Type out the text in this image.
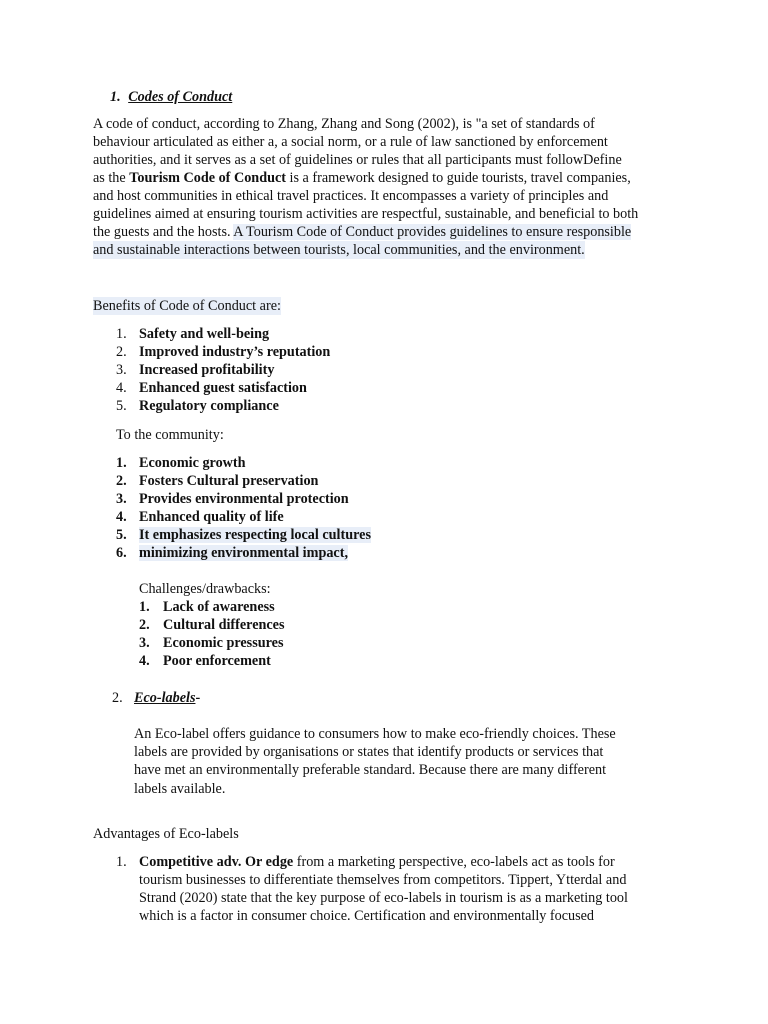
1. Codes of Conduct
A code of conduct, according to Zhang, Zhang and Song (2002), is "a set of standards of
behaviour articulated as either a, a social norm, or a rule of law sanctioned by enforcement
authorities, and it serves as a set of guidelines or rules that all participants must followDefine
as the Tourism Code of Conduct is a framework designed to guide tourists, travel companies,
and host communities in ethical travel practices. It encompasses a variety of principles and
guidelines aimed at ensuring tourism activities are respectful, sustainable, and beneficial to both
the guests and the hosts. A Tourism Code of Conduct provides guidelines to ensure responsible
and sustainable interactions between tourists, local communities, and the environment.
Benefits of Code of Conduct are:
1. Safety and well-being
2. Improved industry’s reputation
3. Increased profitability
4. Enhanced guest satisfaction
5. Regulatory compliance
To the community:
1. Economic growth
2. Fosters Cultural preservation
3. Provides environmental protection
4. Enhanced quality of life
5. It emphasizes respecting local cultures
6. minimizing environmental impact,
Challenges/drawbacks:
1. Lack of awareness
2. Cultural differences
3. Economic pressures
4. Poor enforcement
2. Eco-labels-
An Eco-label offers guidance to consumers how to make eco-friendly choices. These
labels are provided by organisations or states that identify products or services that
have met an environmentally preferable standard. Because there are many different
labels available.
Advantages of Eco-labels
1. Competitive adv. Or edge from a marketing perspective, eco-labels act as tools for
tourism businesses to differentiate themselves from competitors. Tippert, Ytterdal and
Strand (2020) state that the key purpose of eco-labels in tourism is as a marketing tool
which is a factor in consumer choice. Certification and environmentally focused
